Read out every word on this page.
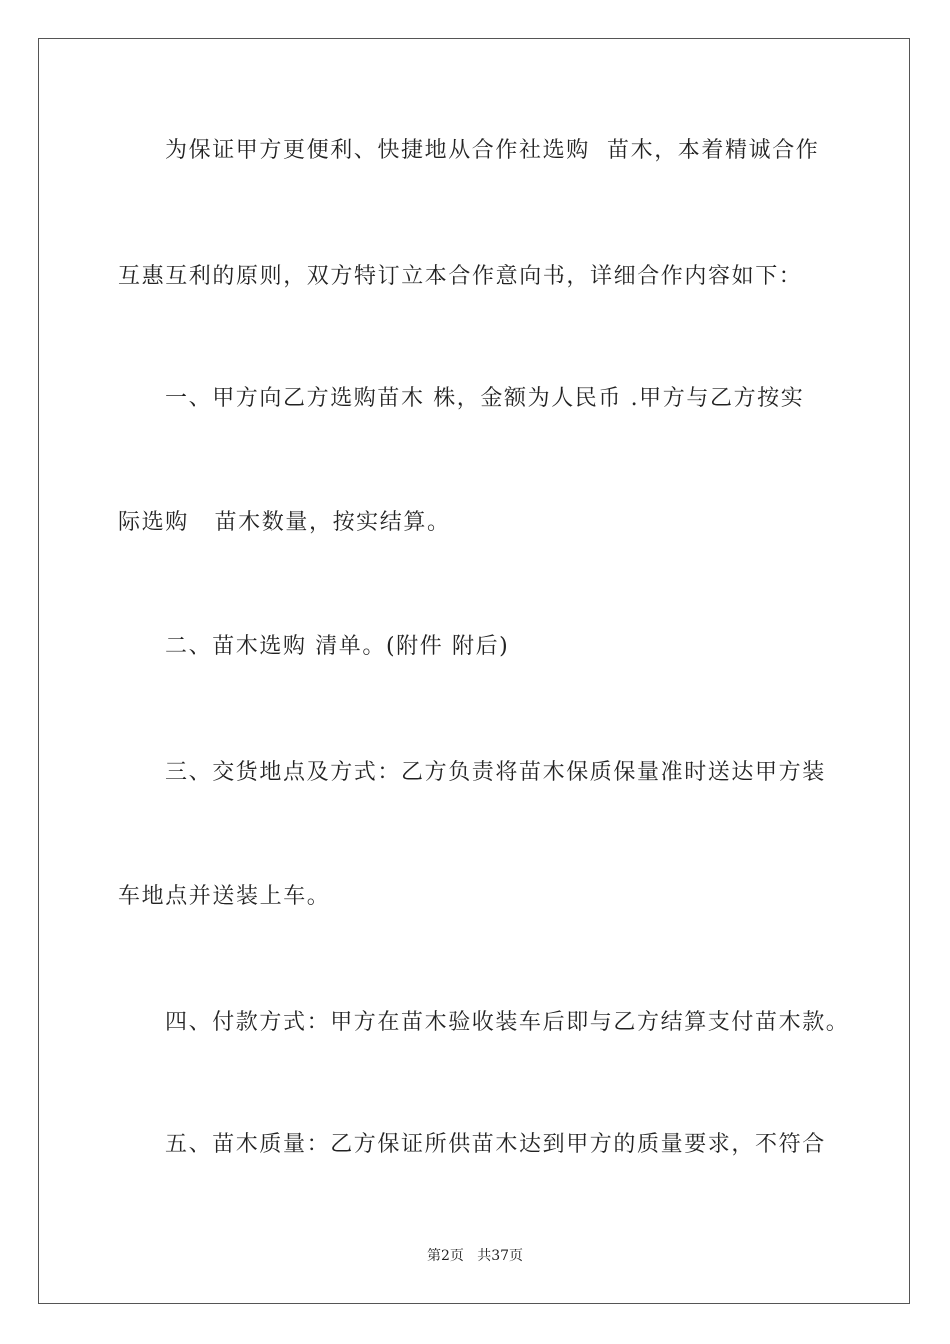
为保证甲方更便利、快捷地从合作社选购  苗木，本着精诚合作
互惠互利的原则，双方特订立本合作意向书，详细合作内容如下：
一、甲方向乙方选购苗木 株，金额为人民币 .甲方与乙方按实
际选购   苗木数量，按实结算。
二、苗木选购 清单。(附件 附后)
三、交货地点及方式：乙方负责将苗木保质保量准时送达甲方装
车地点并送装上车。
四、付款方式：甲方在苗木验收装车后即与乙方结算支付苗木款。
五、苗木质量：乙方保证所供苗木达到甲方的质量要求，不符合
第2页   共37页
